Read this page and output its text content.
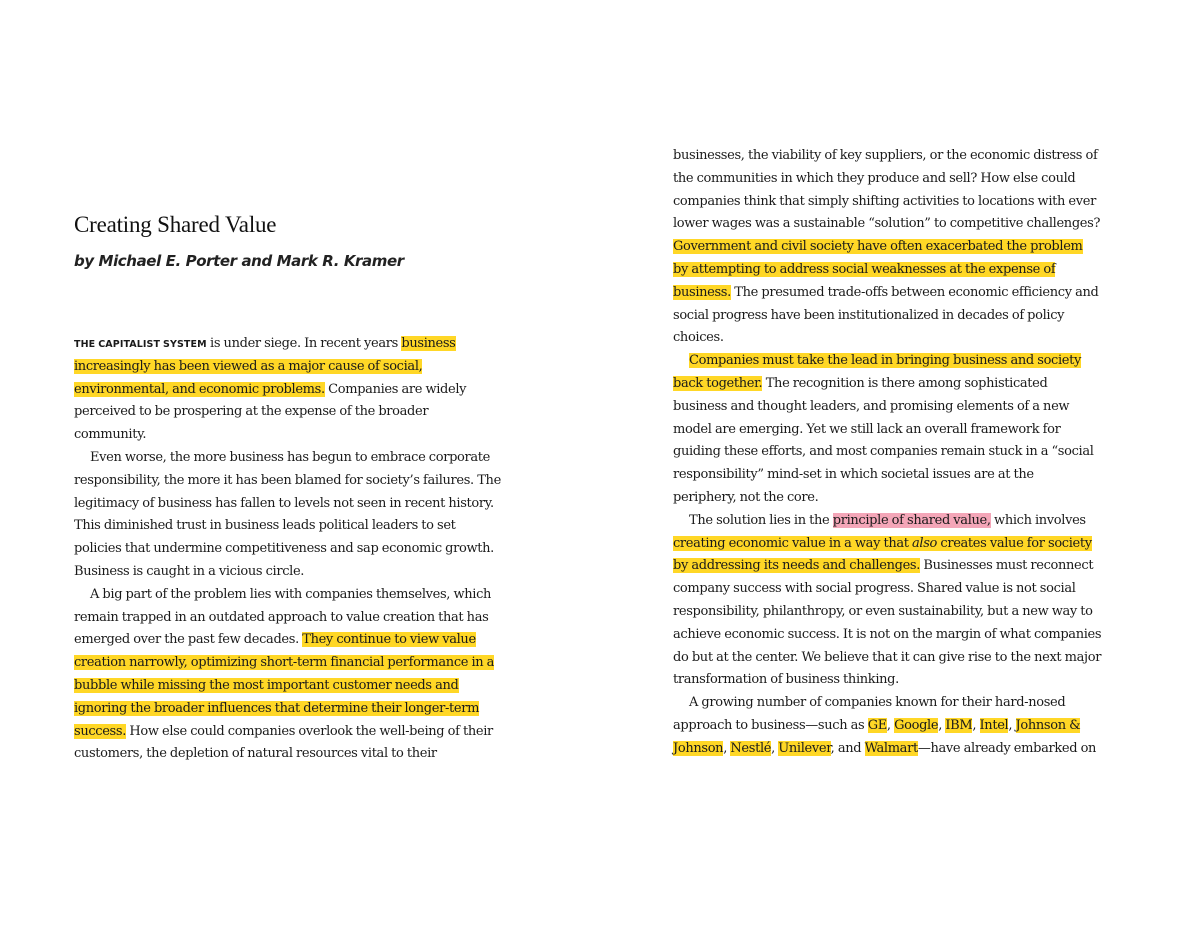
Creating Shared Value

by Michael E. Porter and Mark R. Kramer

THE CAPITALIST SYSTEM is under siege. In recent years business
increasingly has been viewed as a major cause of social,
environmental, and economic problems. Companies are widely
perceived to be prospering at the expense of the broader
community.
Even worse, the more business has begun to embrace corporate
responsibility, the more it has been blamed for society’s failures. The
legitimacy of business has fallen to levels not seen in recent history.
This diminished trust in business leads political leaders to set
policies that undermine competitiveness and sap economic growth.
Business is caught in a vicious circle.
A big part of the problem lies with companies themselves, which
remain trapped in an outdated approach to value creation that has
emerged over the past few decades. They continue to view value
creation narrowly, optimizing short-term financial performance in a
bubble while missing the most important customer needs and
ignoring the broader influences that determine their longer-term
success. How else could companies overlook the well-being of their
customers, the depletion of natural resources vital to their
businesses, the viability of key suppliers, or the economic distress of
the communities in which they produce and sell? How else could
companies think that simply shifting activities to locations with ever
lower wages was a sustainable “solution” to competitive challenges?
Government and civil society have often exacerbated the problem
by attempting to address social weaknesses at the expense of
business. The presumed trade-offs between economic efficiency and
social progress have been institutionalized in decades of policy
choices.
Companies must take the lead in bringing business and society
back together. The recognition is there among sophisticated
business and thought leaders, and promising elements of a new
model are emerging. Yet we still lack an overall framework for
guiding these efforts, and most companies remain stuck in a “social
responsibility” mind-set in which societal issues are at the
periphery, not the core.
The solution lies in the principle of shared value, which involves
creating economic value in a way that also creates value for society
by addressing its needs and challenges. Businesses must reconnect
company success with social progress. Shared value is not social
responsibility, philanthropy, or even sustainability, but a new way to
achieve economic success. It is not on the margin of what companies
do but at the center. We believe that it can give rise to the next major
transformation of business thinking.
A growing number of companies known for their hard-nosed
approach to business—such as GE, Google, IBM, Intel, Johnson &
Johnson, Nestlé, Unilever, and Walmart—have already embarked on
